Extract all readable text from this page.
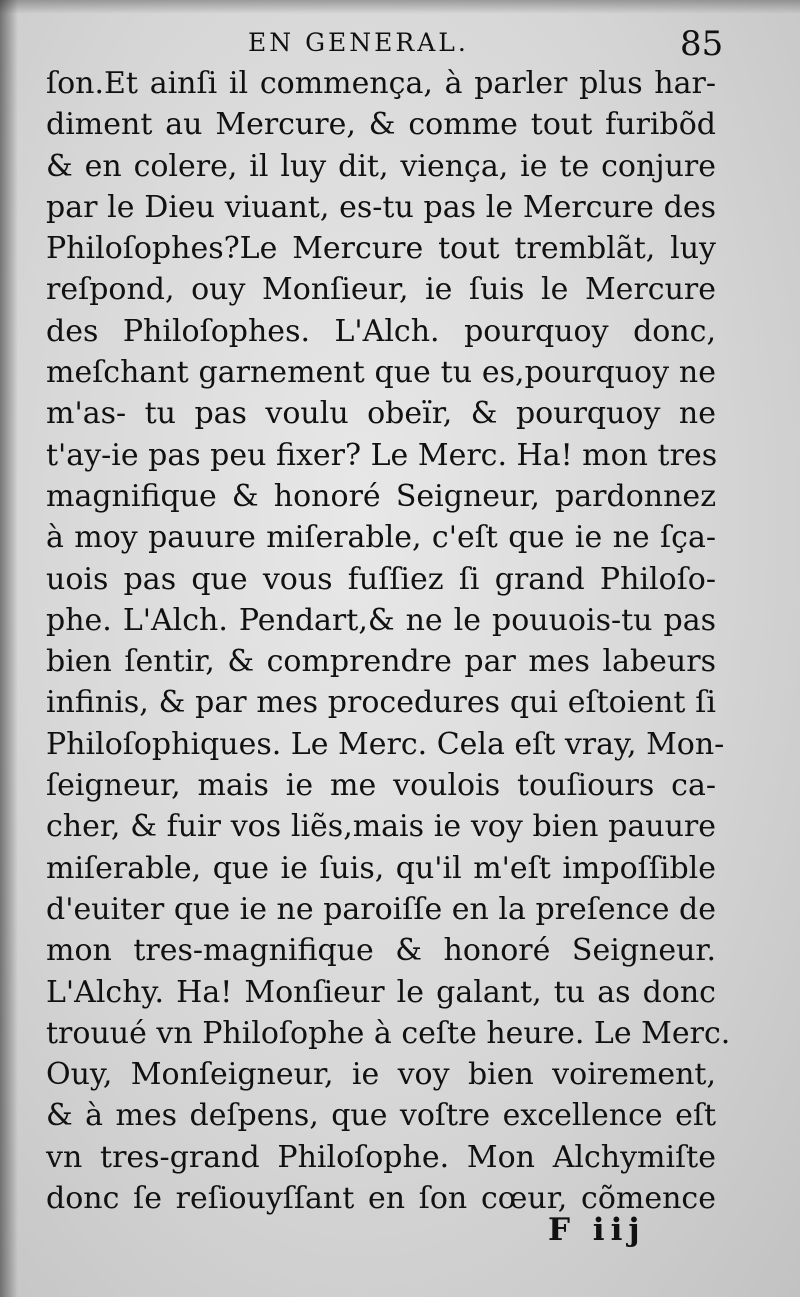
EN GENERAL.	85
ſon.Et ainſi il commença, à parler plus har-
diment au Mercure, & comme tout furibõd
& en colere, il luy dit, viença, ie te conjure
par le Dieu viuant, es-tu pas le Mercure des
Philoſophes?Le Mercure tout tremblãt, luy
reſpond, ouy Monſieur, ie ſuis le Mercure
des Philoſophes. L'Alch. pourquoy donc,
meſchant garnement que tu es,pourquoy ne
m'as- tu pas voulu obeïr, & pourquoy ne
t'ay-ie pas peu fixer? Le Merc. Ha! mon tres
magnifique & honoré Seigneur, pardonnez
à moy pauure miſerable, c'eſt que ie ne ſça-
uois pas que vous fuſſiez ſi grand Philoſo-
phe. L'Alch. Pendart,& ne le pouuois-tu pas
bien ſentir, & comprendre par mes labeurs
infinis, & par mes procedures qui eſtoient ſi
Philoſophiques. Le Merc. Cela eſt vray, Mon-
ſeigneur, mais ie me voulois touſiours ca-
cher, & fuir vos liẽs,mais ie voy bien pauure
miſerable, que ie ſuis, qu'il m'eſt impoſſible
d'euiter que ie ne paroiſſe en la preſence de
mon tres-magnifique & honoré Seigneur.
L'Alchy. Ha! Monſieur le galant, tu as donc
trouué vn Philoſophe à ceſte heure. Le Merc.
Ouy, Monſeigneur, ie voy bien voirement,
& à mes deſpens, que voſtre excellence eſt
vn tres-grand Philoſophe. Mon Alchymiſte
donc ſe reſiouyſſant en ſon cœur, cõmence
F iij
